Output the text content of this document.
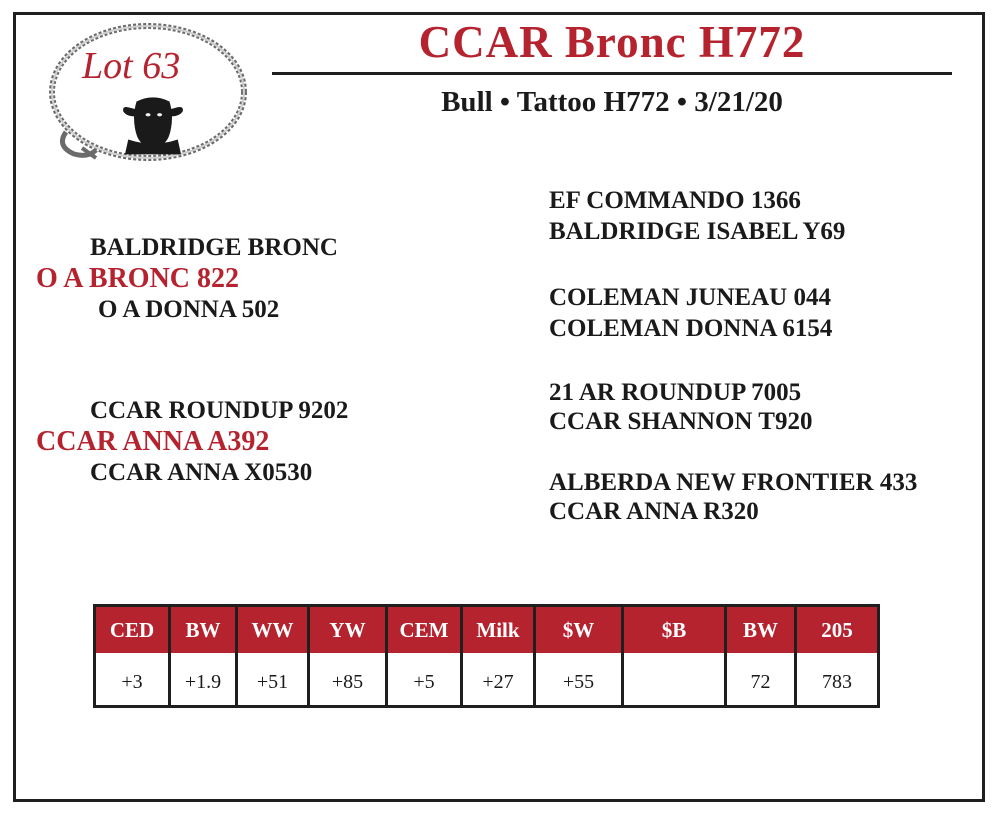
Lot 63	CCAR Bronc H772
Bull • Tattoo H772 • 3/21/20
BALDRIDGE BRONC
O A BRONC 822
O A DONNA 502
CCAR ROUNDUP 9202
CCAR ANNA A392
CCAR ANNA X0530
EF COMMANDO 1366
BALDRIDGE ISABEL Y69
COLEMAN JUNEAU 044
COLEMAN DONNA 6154
21 AR ROUNDUP 7005
CCAR SHANNON T920
ALBERDA NEW FRONTIER 433
CCAR ANNA R320
CED	BW	WW	YW	CEM	Milk	$W	$B	BW	205

+3	+1.9	+51	+85	+5	+27	+55		72	783
